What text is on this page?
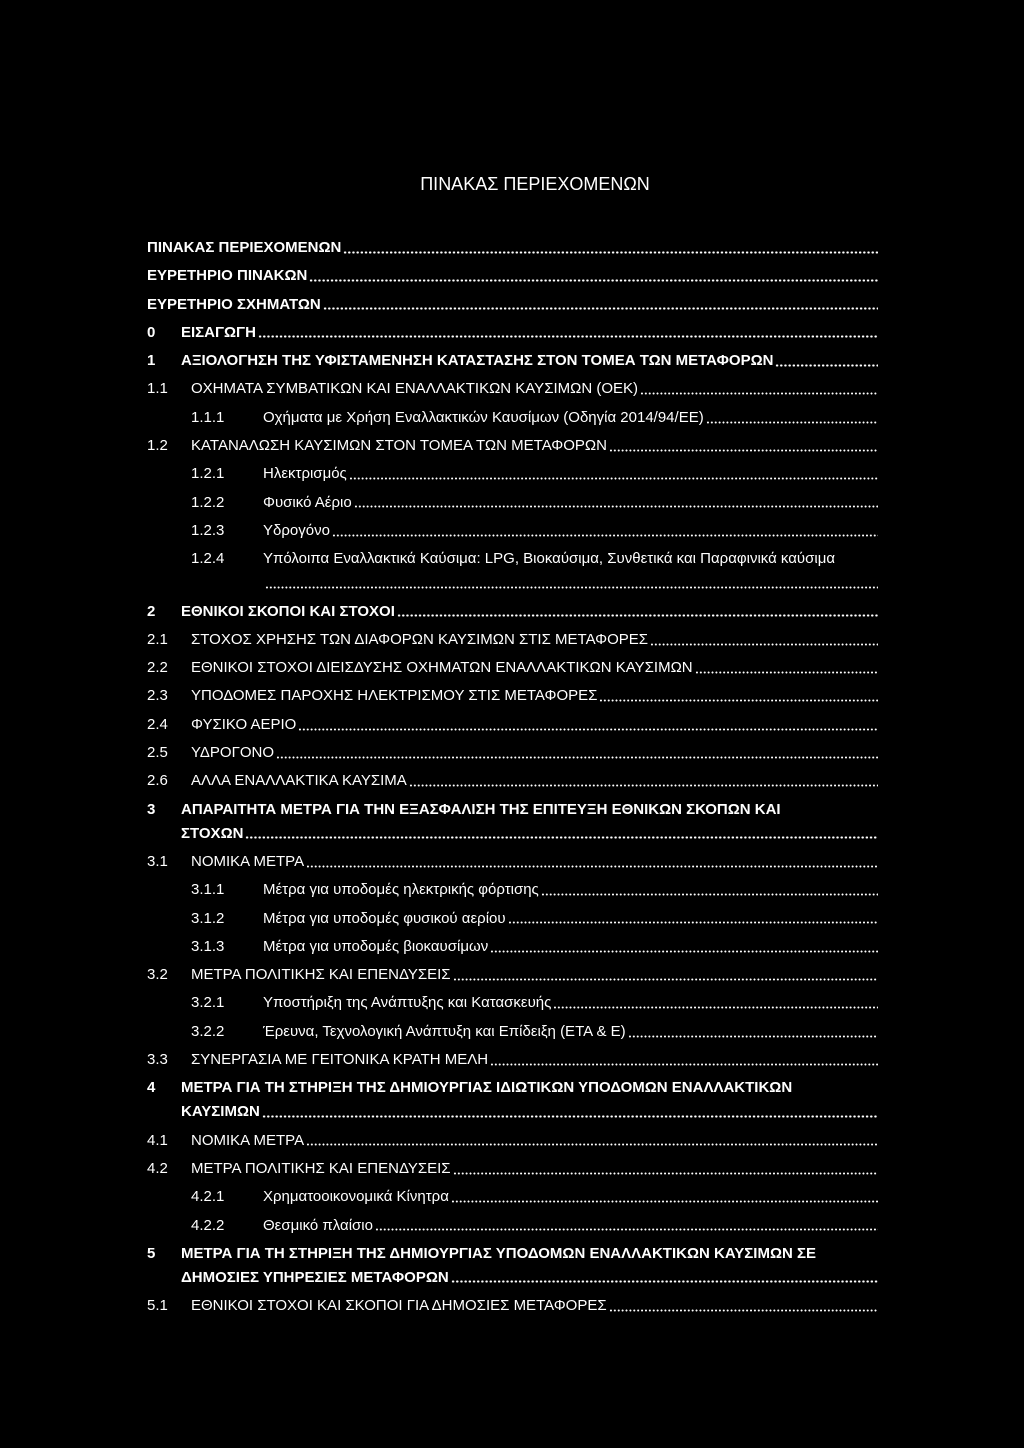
ΠΙΝΑΚΑΣ ΠΕΡΙΕΧΟΜΕΝΩΝ
ΠΙΝΑΚΑΣ ΠΕΡΙΕΧΟΜΕΝΩΝ
ΕΥΡΕΤΗΡΙΟ ΠΙΝΑΚΩΝ
ΕΥΡΕΤΗΡΙΟ ΣΧΗΜΑΤΩΝ
0 ΕΙΣΑΓΩΓΗ
1 ΑΞΙΟΛΟΓΗΣΗ ΤΗΣ ΥΦΙΣΤΑΜΕΝΗΣΗ ΚΑΤΑΣΤΑΣΗΣ ΣΤΟΝ ΤΟΜΕΑ ΤΩΝ ΜΕΤΑΦΟΡΩΝ
1.1 ΟΧΗΜΑΤΑ ΣΥΜΒΑΤΙΚΩΝ ΚΑΙ ΕΝΑΛΛΑΚΤΙΚΩΝ ΚΑΥΣΙΜΩΝ (ΟΕΚ)
1.1.1	Οχήματα με Χρήση Εναλλακτικών Καυσίμων (Οδηγία 2014/94/ΕΕ)
1.2 ΚΑΤΑΝΑΛΩΣΗ ΚΑΥΣΙΜΩΝ ΣΤΟΝ ΤΟΜΕΑ ΤΩΝ ΜΕΤΑΦΟΡΩΝ
1.2.1	Ηλεκτρισμός
1.2.2	Φυσικό Αέριο
1.2.3	Υδρογόνο
1.2.4	Υπόλοιπα Εναλλακτικά Καύσιμα: LPG, Βιοκαύσιμα, Συνθετικά και Παραφινικά καύσιμα
2 ΕΘΝΙΚΟΙ ΣΚΟΠΟΙ ΚΑΙ ΣΤΟΧΟΙ
2.1 ΣΤΟΧΟΣ ΧΡΗΣΗΣ ΤΩΝ ΔΙΑΦΟΡΩΝ ΚΑΥΣΙΜΩΝ ΣΤΙΣ ΜΕΤΑΦΟΡΕΣ
2.2 ΕΘΝΙΚΟΙ ΣΤΟΧΟΙ ΔΙΕΙΣΔΥΣΗΣ ΟΧΗΜΑΤΩΝ ΕΝΑΛΛΑΚΤΙΚΩΝ ΚΑΥΣΙΜΩΝ
2.3 ΥΠΟΔΟΜΕΣ ΠΑΡΟΧΗΣ ΗΛΕΚΤΡΙΣΜΟΥ ΣΤΙΣ ΜΕΤΑΦΟΡΕΣ
2.4 ΦΥΣΙΚΟ ΑΕΡΙΟ
2.5 ΥΔΡΟΓΟΝΟ
2.6 ΑΛΛΑ ΕΝΑΛΛΑΚΤΙΚΑ ΚΑΥΣΙΜΑ
3 ΑΠΑΡΑΙΤΗΤΑ ΜΕΤΡΑ ΓΙΑ ΤΗΝ ΕΞΑΣΦΑΛΙΣΗ ΤΗΣ ΕΠΙΤΕΥΞΗ ΕΘΝΙΚΩΝ ΣΚΟΠΩΝ ΚΑΙ
ΣΤΟΧΩΝ
3.1 ΝΟΜΙΚΑ ΜΕΤΡΑ
3.1.1	Μέτρα για υποδομές ηλεκτρικής φόρτισης
3.1.2	Μέτρα για υποδομές φυσικού αερίου
3.1.3	Μέτρα για υποδομές βιοκαυσίμων
3.2 ΜΕΤΡΑ ΠΟΛΙΤΙΚΗΣ ΚΑΙ ΕΠΕΝΔΥΣΕΙΣ
3.2.1	Υποστήριξη της Ανάπτυξης και Κατασκευής
3.2.2	Έρευνα, Τεχνολογική Ανάπτυξη και Επίδειξη (ΕΤΑ & Ε)
3.3 ΣΥΝΕΡΓΑΣΙΑ ΜΕ ΓΕΙΤΟΝΙΚΑ ΚΡΑΤΗ ΜΕΛΗ
4 ΜΕΤΡΑ ΓΙΑ ΤΗ ΣΤΗΡΙΞΗ ΤΗΣ ΔΗΜΙΟΥΡΓΙΑΣ ΙΔΙΩΤΙΚΩΝ ΥΠΟΔΟΜΩΝ ΕΝΑΛΛΑΚΤΙΚΩΝ
ΚΑΥΣΙΜΩΝ
4.1 ΝΟΜΙΚΑ ΜΕΤΡΑ
4.2 ΜΕΤΡΑ ΠΟΛΙΤΙΚΗΣ ΚΑΙ ΕΠΕΝΔΥΣΕΙΣ
4.2.1	Χρηματοοικονομικά Κίνητρα
4.2.2	Θεσμικό πλαίσιο
5 ΜΕΤΡΑ ΓΙΑ ΤΗ ΣΤΗΡΙΞΗ ΤΗΣ ΔΗΜΙΟΥΡΓΙΑΣ ΥΠΟΔΟΜΩΝ ΕΝΑΛΛΑΚΤΙΚΩΝ ΚΑΥΣΙΜΩΝ ΣΕ
ΔΗΜΟΣΙΕΣ ΥΠΗΡΕΣΙΕΣ ΜΕΤΑΦΟΡΩΝ
5.1 ΕΘΝΙΚΟΙ ΣΤΟΧΟΙ ΚΑΙ ΣΚΟΠΟΙ ΓΙΑ ΔΗΜΟΣΙΕΣ ΜΕΤΑΦΟΡΕΣ
